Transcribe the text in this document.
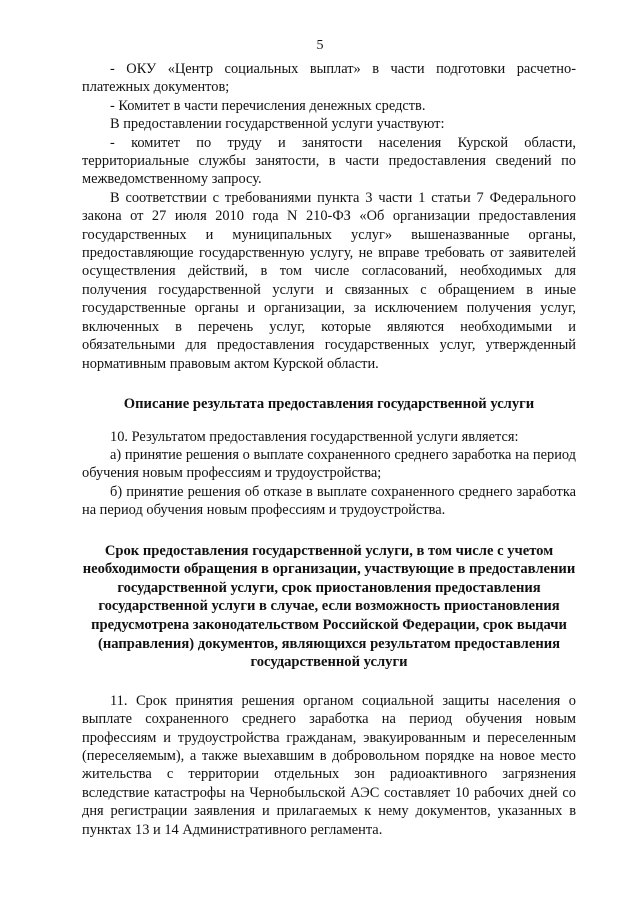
5

- ОКУ «Центр социальных выплат» в части подготовки расчетно-платежных документов;

- Комитет в части перечисления денежных средств.

В предоставлении государственной услуги участвуют:

- комитет по труду и занятости населения Курской области, территориальные службы занятости, в части предоставления сведений по межведомственному запросу.

В соответствии с требованиями пункта 3 части 1 статьи 7 Федерального закона от 27 июля 2010 года N 210-ФЗ «Об организации предоставления государственных и муниципальных услуг» вышеназванные органы, предоставляющие государственную услугу, не вправе требовать от заявителей осуществления действий, в том числе согласований, необходимых для получения государственной услуги и связанных с обращением в иные государственные органы и организации, за исключением получения услуг, включенных в перечень услуг, которые являются необходимыми и обязательными для предоставления государственных услуг, утвержденный нормативным правовым актом Курской области.

Описание результата предоставления государственной услуги

10. Результатом предоставления государственной услуги является:

а) принятие решения о выплате сохраненного среднего заработка на период обучения новым профессиям и трудоустройства;

б) принятие решения об отказе в выплате сохраненного среднего заработка на период обучения новым профессиям и трудоустройства.

Срок предоставления государственной услуги, в том числе с учетом необходимости обращения в организации, участвующие в предоставлении государственной услуги, срок приостановления предоставления государственной услуги в случае, если возможность приостановления предусмотрена законодательством Российской Федерации, срок выдачи (направления) документов, являющихся результатом предоставления государственной услуги

11. Срок принятия решения органом социальной защиты населения о выплате сохраненного среднего заработка на период обучения новым профессиям и трудоустройства гражданам, эвакуированным и переселенным (переселяемым), а также выехавшим в добровольном порядке на новое место жительства с территории отдельных зон радиоактивного загрязнения вследствие катастрофы на Чернобыльской АЭС составляет 10 рабочих дней со дня регистрации заявления и прилагаемых к нему документов, указанных в пунктах 13 и 14 Административного регламента.
